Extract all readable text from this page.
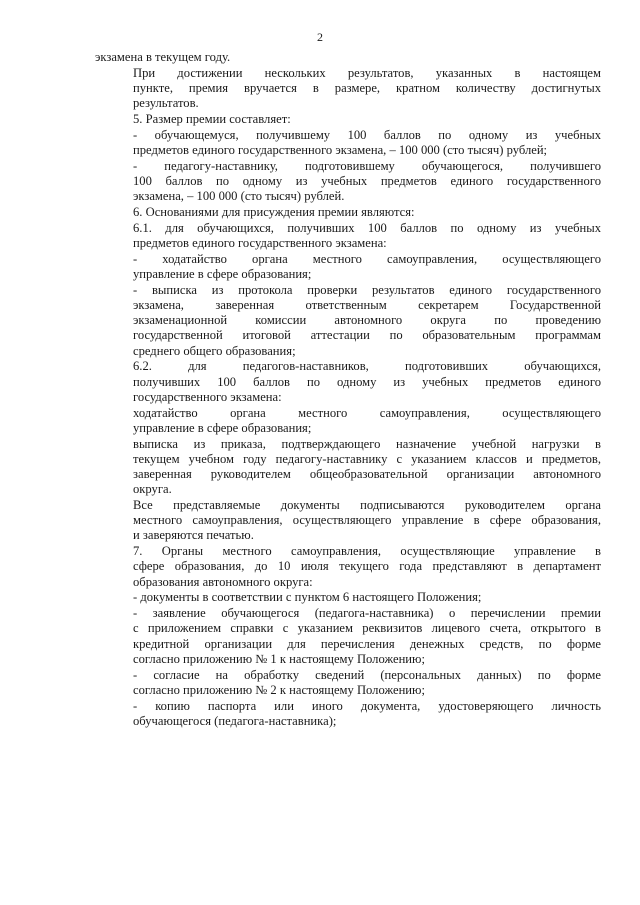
2

экзамена в текущем году.

При достижении нескольких результатов, указанных в настоящем
пункте, премия вручается в размере, кратном количеству достигнутых
результатов.

5. Размер премии составляет:

- обучающемуся, получившему 100 баллов по одному из учебных
предметов единого государственного экзамена, – 100 000 (сто тысяч) рублей;

- педагогу-наставнику, подготовившему обучающегося, получившего
100 баллов по одному из учебных предметов единого государственного
экзамена, – 100 000 (сто тысяч) рублей.

6. Основаниями для присуждения премии являются:

6.1. для обучающихся, получивших 100 баллов по одному из учебных
предметов единого государственного экзамена:

- ходатайство органа местного самоуправления, осуществляющего
управление в сфере образования;

- выписка из протокола проверки результатов единого государственного
экзамена, заверенная ответственным секретарем Государственной
экзаменационной комиссии автономного округа по проведению
государственной итоговой аттестации по образовательным программам
среднего общего образования;

6.2. для педагогов-наставников, подготовивших обучающихся,
получивших 100 баллов по одному из учебных предметов единого
государственного экзамена:

ходатайство органа местного самоуправления, осуществляющего
управление в сфере образования;

выписка из приказа, подтверждающего назначение учебной нагрузки в
текущем учебном году педагогу-наставнику с указанием классов и предметов,
заверенная руководителем общеобразовательной организации автономного
округа.

Все представляемые документы подписываются руководителем органа
местного самоуправления, осуществляющего управление в сфере образования,
и заверяются печатью.

7. Органы местного самоуправления, осуществляющие управление в
сфере образования, до 10 июля текущего года представляют в департамент
образования автономного округа:

- документы в соответствии с пунктом 6 настоящего Положения;

- заявление обучающегося (педагога-наставника) о перечислении премии
с приложением справки с указанием реквизитов лицевого счета, открытого в
кредитной организации для перечисления денежных средств, по форме
согласно приложению № 1 к настоящему Положению;

- согласие на обработку сведений (персональных данных) по форме
согласно приложению № 2 к настоящему Положению;

- копию паспорта или иного документа, удостоверяющего личность
обучающегося (педагога-наставника);
